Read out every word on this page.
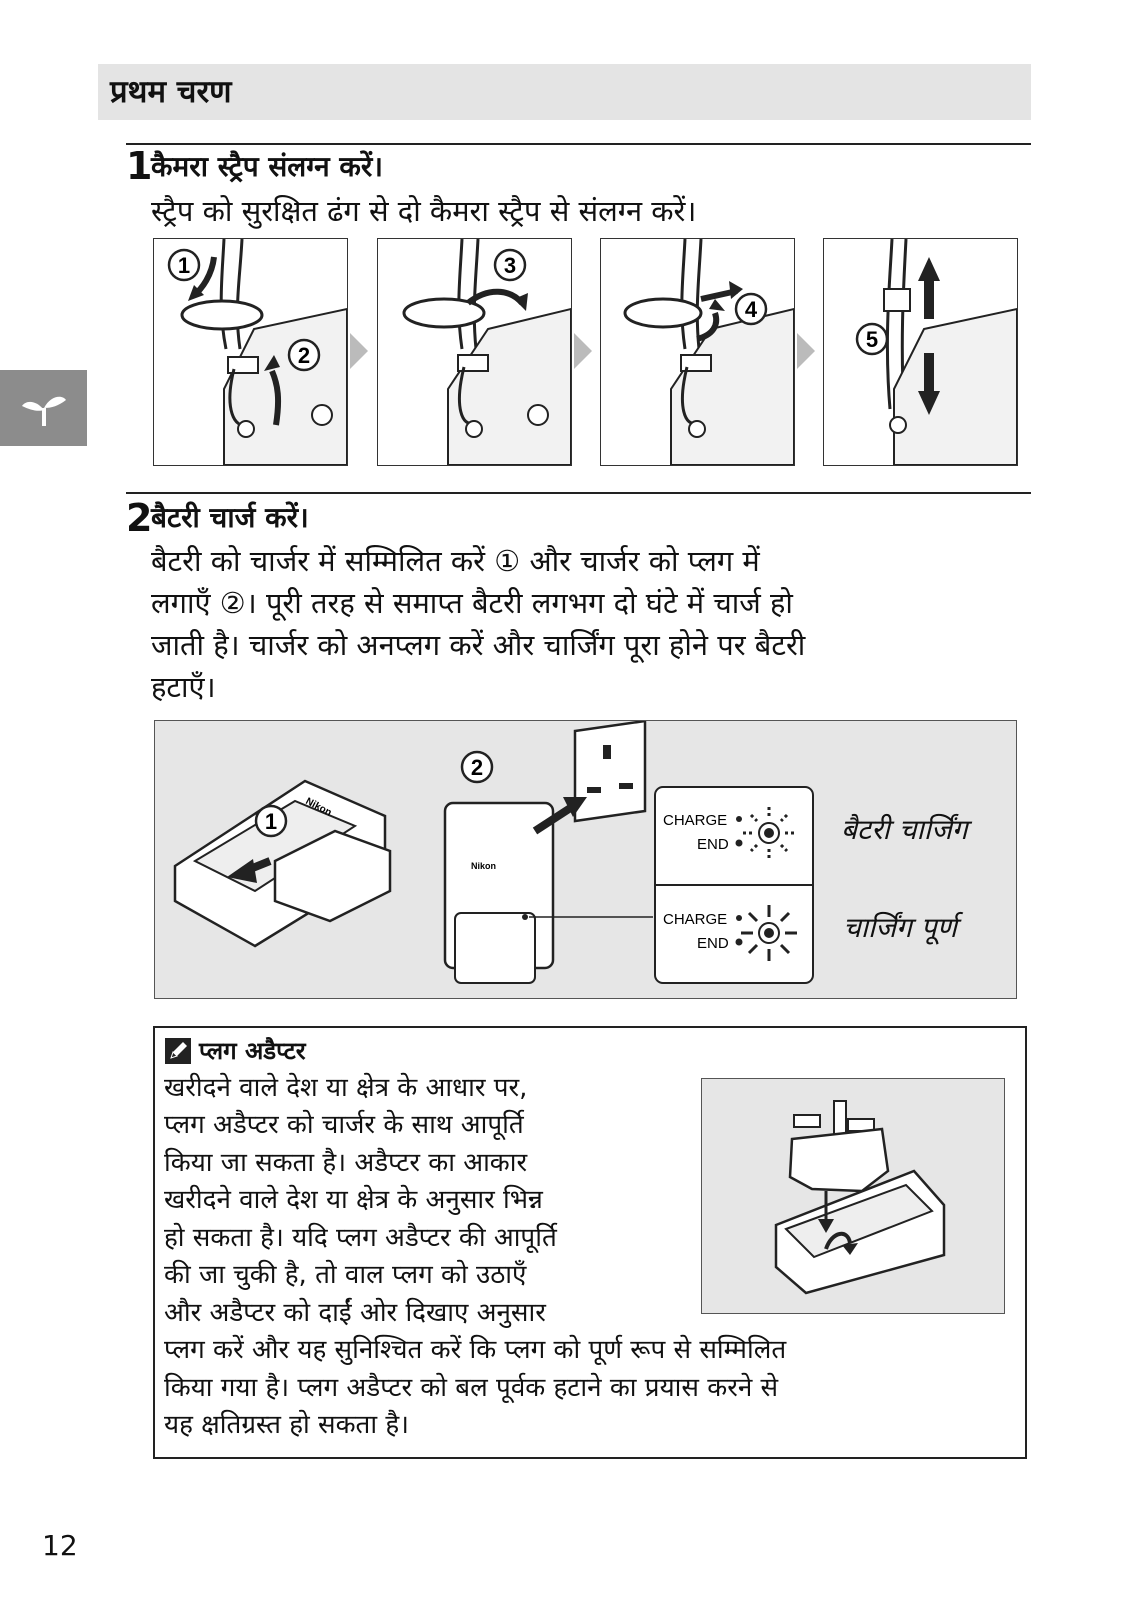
प्रथम चरण
1
कैमरा स्ट्रैप संलग्न करें।
स्ट्रैप को सुरक्षित ढंग से दो कैमरा स्ट्रैप से संलग्न करें।
1
2
3
4
5
2
बैटरी चार्ज करें।
बैटरी को चार्जर में सम्मिलित करें ① और चार्जर को प्लग में
लगाएँ ②। पूरी तरह से समाप्त बैटरी लगभग दो घंटे में चार्ज हो
जाती है। चार्जर को अनप्लग करें और चार्जिंग पूरा होने पर बैटरी
हटाएँ।
Nikon
1
Nikon
2
CHARGE
END
CHARGE
END
बैटरी चार्जिंग
चार्जिंग पूर्ण
प्लग अडैप्टर
खरीदने वाले देश या क्षेत्र के आधार पर,
प्लग अडैप्टर को चार्जर के साथ आपूर्ति
किया जा सकता है। अडैप्टर का आकार
खरीदने वाले देश या क्षेत्र के अनुसार भिन्न
हो सकता है। यदि प्लग अडैप्टर की आपूर्ति
की जा चुकी है, तो वाल प्लग को उठाएँ
और अडैप्टर को दाईं ओर दिखाए अनुसार
प्लग करें और यह सुनिश्चित करें कि प्लग को पूर्ण रूप से सम्मिलित
किया गया है। प्लग अडैप्टर को बल पूर्वक हटाने का प्रयास करने से
यह क्षतिग्रस्त हो सकता है।
12
